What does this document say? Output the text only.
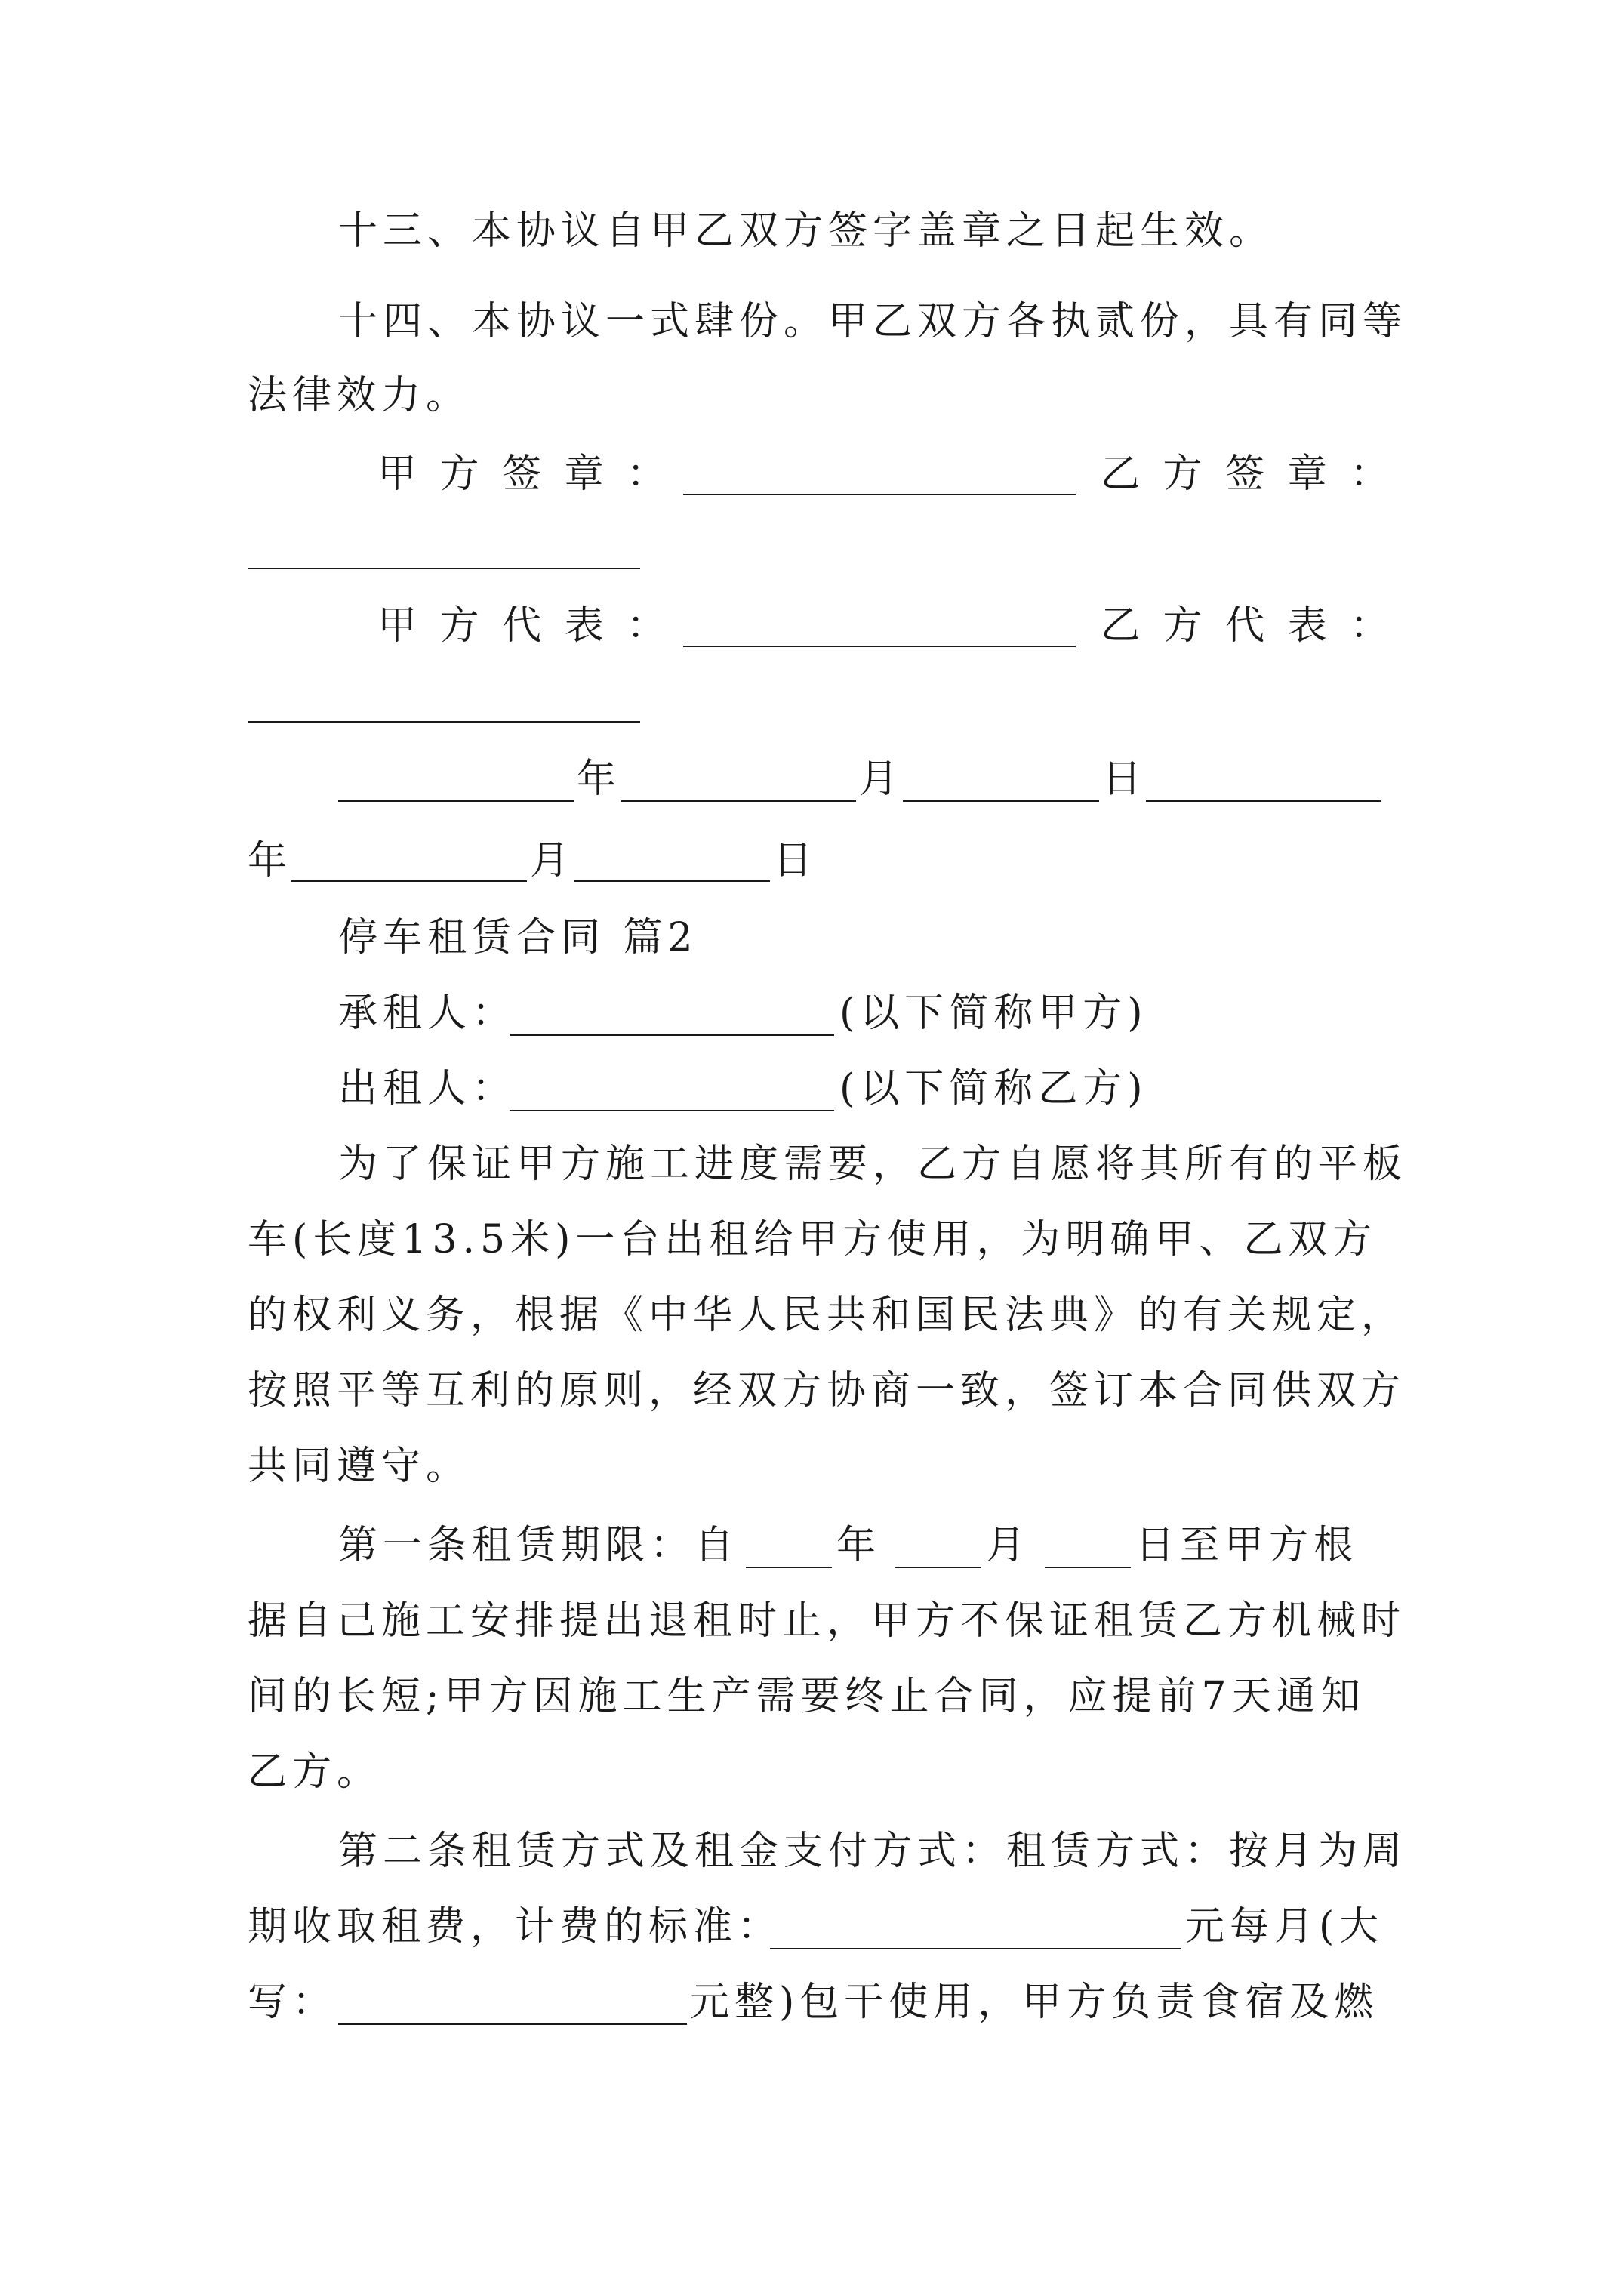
十三、本协议自甲乙双方签字盖章之日起生效。
十四、本协议一式肆份。甲乙双方各执贰份，具有同等
法律效力。
甲 方 签 章 ：	乙 方 签 章 ：
甲 方 代 表 ：	乙 方 代 表 ：
年	月	日
年	月	日
停车租赁合同 篇2
承租人：	(以下简称甲方)
出租人：	(以下简称乙方)
为了保证甲方施工进度需要，乙方自愿将其所有的平板
车(长度13.5米)一台出租给甲方使用，为明确甲、乙双方
的权利义务，根据《中华人民共和国民法典》的有关规定，
按照平等互利的原则，经双方协商一致，签订本合同供双方
共同遵守。
第一条租赁期限：自 年	月	日至甲方根
据自己施工安排提出退租时止，甲方不保证租赁乙方机械时
间的长短;甲方因施工生产需要终止合同，应提前7天通知
乙方。
第二条租赁方式及租金支付方式：租赁方式：按月为周
期收取租费，计费的标准：	元每月(大
写：	元整)包干使用，甲方负责食宿及燃
